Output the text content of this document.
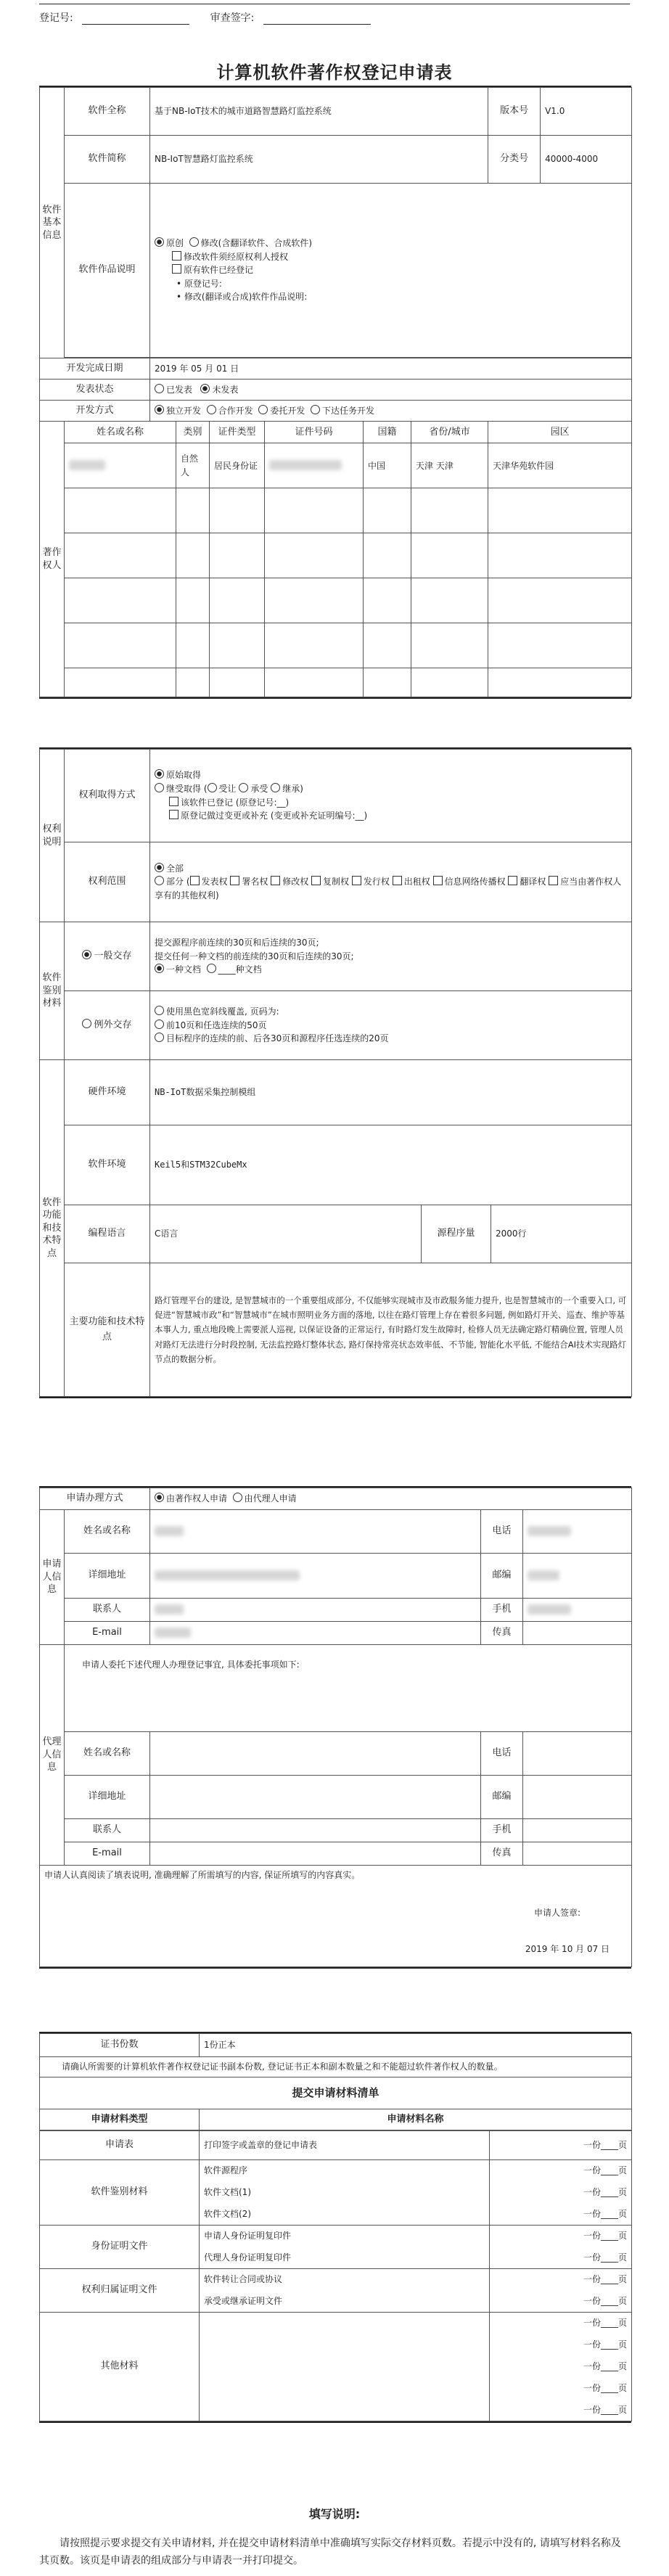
登记号:	审查签字:
计算机软件著作权登记申请表
软件基本信息	软件全称	基于NB-IoT技术的城市道路智慧路灯监控系统						版本号	V1.0
	软件简称	NB-IoT智慧路灯监控系统						分类号	40000-4000
	软件作品说明	原创 修改(含翻译软件、合成软件)
修改软件须经原权利人授权
原有软件已经登记
• 原登记号:
• 修改(翻译或合成)软件作品说明:							

开发完成日期		2019 年 05 月 01 日							
发表状态		已发表 未发表							
开发方式		独立开发 合作开发 委托开发 下达任务开发							
著作权人	姓名或名称		类别	证件类型	证件号码	国籍	省份/城市	园区	
			自然人	居民身份证		中国	天津 天津	天津华苑软件园	

权利说明	权利取得方式	原始取得
继受取得 ( 受让 承受 继承)
该软件已登记 (原登记号:__)
原登记做过变更或补充 (变更或补充证明编号:__)		

	权利范围	全部
部分 ( 发表权 署名权 修改权 复制权 发行权 出租权 信息网络传播权 翻译权 应当由著作权人享有的其他权利)		

软件鉴别材料	一般交存	提交源程序前连续的30页和后连续的30页;
提交任何一种文档的前连续的30页和后连续的30页;
一种文档 ____种文档		

	例外交存	使用黑色宽斜线覆盖, 页码为:
前10页和任选连续的50页
目标程序的连续的前、后各30页和源程序任选连续的20页		

软件功能和技术特点	硬件环境	NB-IoT数据采集控制模组		
	软件环境	Keil5和STM32CubeMx		
	编程语言	C语言	源程序量	2000行
	主要功能和技术特点	路灯管理平台的建设, 是智慧城市的一个重要组成部分, 不仅能够实现城市及市政服务能力提升, 也是智慧城市的一个重要入口, 可促进“智慧城市政”和“智慧城市”在城市照明业务方面的落地, 以往在路灯管理上存在着很多问题, 例如路灯开关、巡查、维护等基本事人力, 重点地段晚上需要派人巡视, 以保证设备的正常运行, 有时路灯发生故障时, 检修人员无法确定路灯精确位置, 管理人员对路灯无法进行分时段控制, 无法监控路灯整体状态, 路灯保持常亮状态效率低、不节能, 智能化水平低, 不能结合AI技术实现路灯节点的数据分析。		
申请办理方式		由著作权人申请 由代理人申请		
申请人信息	姓名或名称		电话	
	详细地址		邮编	
	联系人		手机	
	E-mail		传真	
代理人信息	申请人委托下述代理人办理登记事宜, 具体委托事项如下:			
	姓名或名称		电话	
	详细地址		邮编	
	联系人		手机	
	E-mail		传真	

申请人认真阅读了填表说明, 准确理解了所需填写的内容, 保证所填写的内容真实。
申请人签章:
2019 年 10 月 07 日				
证书份数	1份正本
请确认所需要的计算机软件著作权登记证书副本份数, 登记证书正本和副本数量之和不能超过软件著作权人的数量。	
提交申请材料清单	
申请材料类型	申请材料名称
申请表	打印签字或盖章的登记申请表	一份____页
软件鉴别材料	软件源程序	一份____页
	软件文档(1)	一份____页
	软件文档(2)	一份____页
身份证明文件	申请人身份证明复印件	一份____页
	代理人身份证明复印件	一份____页
权利归属证明文件	软件转让合同或协议	一份____页
	承受或继承证明文件	一份____页
其他材料		一份____页
		一份____页
		一份____页
		一份____页
		一份____页
填写说明:
请按照提示要求提交有关申请材料, 并在提交申请材料清单中准确填写实际交存材料页数。若提示中没有的, 请填写材料名称及其页数。该页是申请表的组成部分与申请表一并打印提交。
